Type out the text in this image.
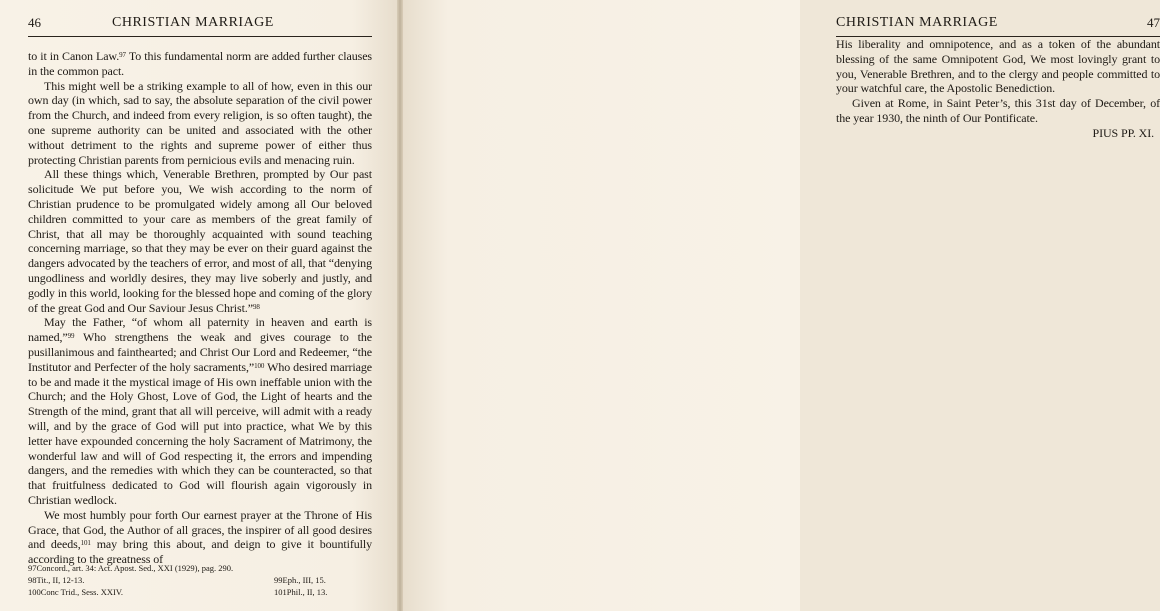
46	CHRISTIAN MARRIAGE

to it in Canon Law.$^{97}$ To this fundamental norm are added further clauses in the common pact.

This might well be a striking example to all of how, even in this our own day (in which, sad to say, the absolute separation of the civil power from the Church, and indeed from every religion, is so often taught), the one supreme authority can be united and associated with the other without detriment to the rights and supreme power of either thus protecting Christian parents from pernicious evils and menacing ruin.

All these things which, Venerable Brethren, prompted by Our past solicitude We put before you, We wish according to the norm of Christian prudence to be promulgated widely among all Our beloved children committed to your care as members of the great family of Christ, that all may be thoroughly acquainted with sound teaching concerning marriage, so that they may be ever on their guard against the dangers advocated by the teachers of error, and most of all, that “denying ungodliness and worldly desires, they may live soberly and justly, and godly in this world, looking for the blessed hope and coming of the glory of the great God and Our Saviour Jesus Christ.”$^{98}$

May the Father, “of whom all paternity in heaven and earth is named,”$^{99}$ Who strengthens the weak and gives courage to the pusillanimous and fainthearted; and Christ Our Lord and Redeemer, “the Institutor and Perfecter of the holy sacraments,”$^{100}$ Who desired marriage to be and made it the mystical image of His own ineffable union with the Church; and the Holy Ghost, Love of God, the Light of hearts and the Strength of the mind, grant that all will perceive, will admit with a ready will, and by the grace of God will put into practice, what We by this letter have expounded concerning the holy Sacrament of Matrimony, the wonderful law and will of God respecting it, the errors and impending dangers, and the remedies with which they can be counteracted, so that that fruitfulness dedicated to God will flourish again vigorously in Christian wedlock.

We most humbly pour forth Our earnest prayer at the Throne of His Grace, that God, the Author of all graces, the inspirer of all good desires and deeds,$^{101}$ may bring this about, and deign to give it bountifully according to the greatness of

97Concord., art. 34: Act. Apost. Sed., XXI (1929), pag. 290.
98Tit., II, 12-13.	99Eph., III, 15.
100Conc Trid., Sess. XXIV.	101Phil., II, 13.
CHRISTIAN MARRIAGE	47

His liberality and omnipotence, and as a token of the abundant blessing of the same Omnipotent God, We most lovingly grant to you, Venerable Brethren, and to the clergy and people committed to your watchful care, the Apostolic Benediction.

Given at Rome, in Saint Peter’s, this 31st day of December, of the year 1930, the ninth of Our Pontificate.

PIUS PP. XI.
